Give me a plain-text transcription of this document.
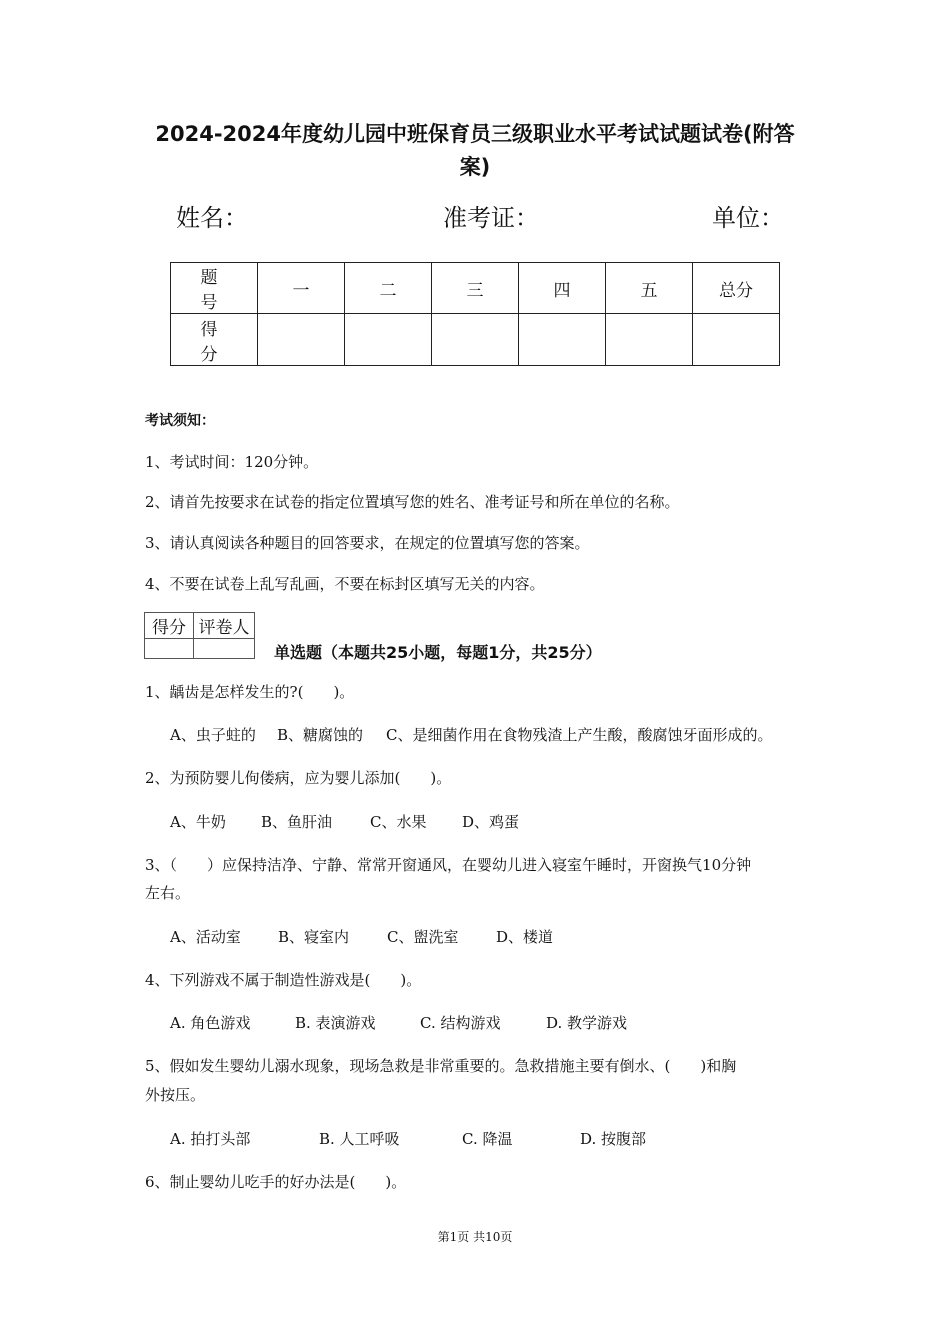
2024-2024年度幼儿园中班保育员三级职业水平考试试题试卷(附答
案)
姓名：	准考证：	单位：
题　号	一	二	三	四	五	总分
得　分						
考试须知：
1、考试时间：120分钟。
2、请首先按要求在试卷的指定位置填写您的姓名、准考证号和所在单位的名称。
3、请认真阅读各种题目的回答要求，在规定的位置填写您的答案。
4、不要在试卷上乱写乱画，不要在标封区填写无关的内容。
得分	评卷人

单选题（本题共25小题，每题1分，共25分）
1、龋齿是怎样发生的?(　　)。
A、虫子蛀的 B、糖腐蚀的 C、是细菌作用在食物残渣上产生酸，酸腐蚀牙面形成的。
2、为预防婴儿佝偻病，应为婴儿添加(　　)。
A、牛奶 B、鱼肝油	C、水果 D、鸡蛋
3、（　　）应保持洁净、宁静、常常开窗通风，在婴幼儿进入寝室午睡时，开窗换气10分钟
左右。
A、活动室 B、寝室内	C、盥洗室	D、楼道
4、下列游戏不属于制造性游戏是(　　)。
A. 角色游戏	B. 表演游戏	C. 结构游戏	D. 教学游戏
5、假如发生婴幼儿溺水现象，现场急救是非常重要的。急救措施主要有倒水、(　　)和胸
外按压。
A. 拍打头部	B. 人工呼吸	C. 降温	D. 按腹部
6、制止婴幼儿吃手的好办法是(　　)。
第1页 共10页
